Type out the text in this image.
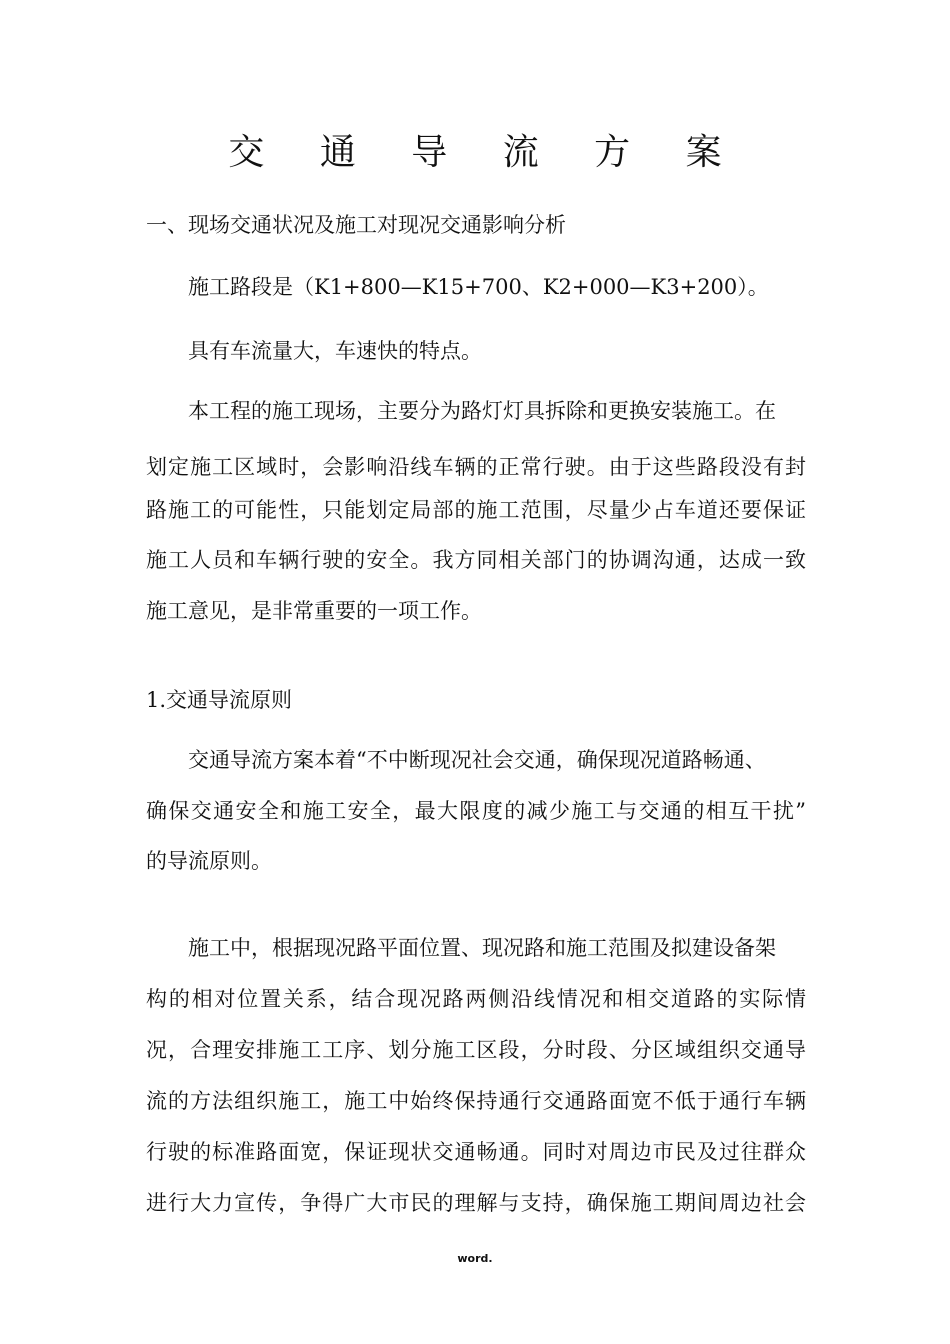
交 通 导 流 方 案
一、现场交通状况及施工对现况交通影响分析
施工路段是（K1+800—K15+700、K2+000—K3+200）。
具有车流量大，车速快的特点。
本工程的施工现场，主要分为路灯灯具拆除和更换安装施工。在
划定施工区域时，会影响沿线车辆的正常行驶。由于这些路段没有封
路施工的可能性，只能划定局部的施工范围，尽量少占车道还要保证
施工人员和车辆行驶的安全。我方同相关部门的协调沟通，达成一致
施工意见，是非常重要的一项工作。
1.交通导流原则
交通导流方案本着“不中断现况社会交通，确保现况道路畅通、
确保交通安全和施工安全，最大限度的减少施工与交通的相互干扰”
的导流原则。
施工中，根据现况路平面位置、现况路和施工范围及拟建设备架
构的相对位置关系，结合现况路两侧沿线情况和相交道路的实际情
况，合理安排施工工序、划分施工区段，分时段、分区域组织交通导
流的方法组织施工，施工中始终保持通行交通路面宽不低于通行车辆
行驶的标准路面宽，保证现状交通畅通。同时对周边市民及过往群众
进行大力宣传，争得广大市民的理解与支持，确保施工期间周边社会
word.
